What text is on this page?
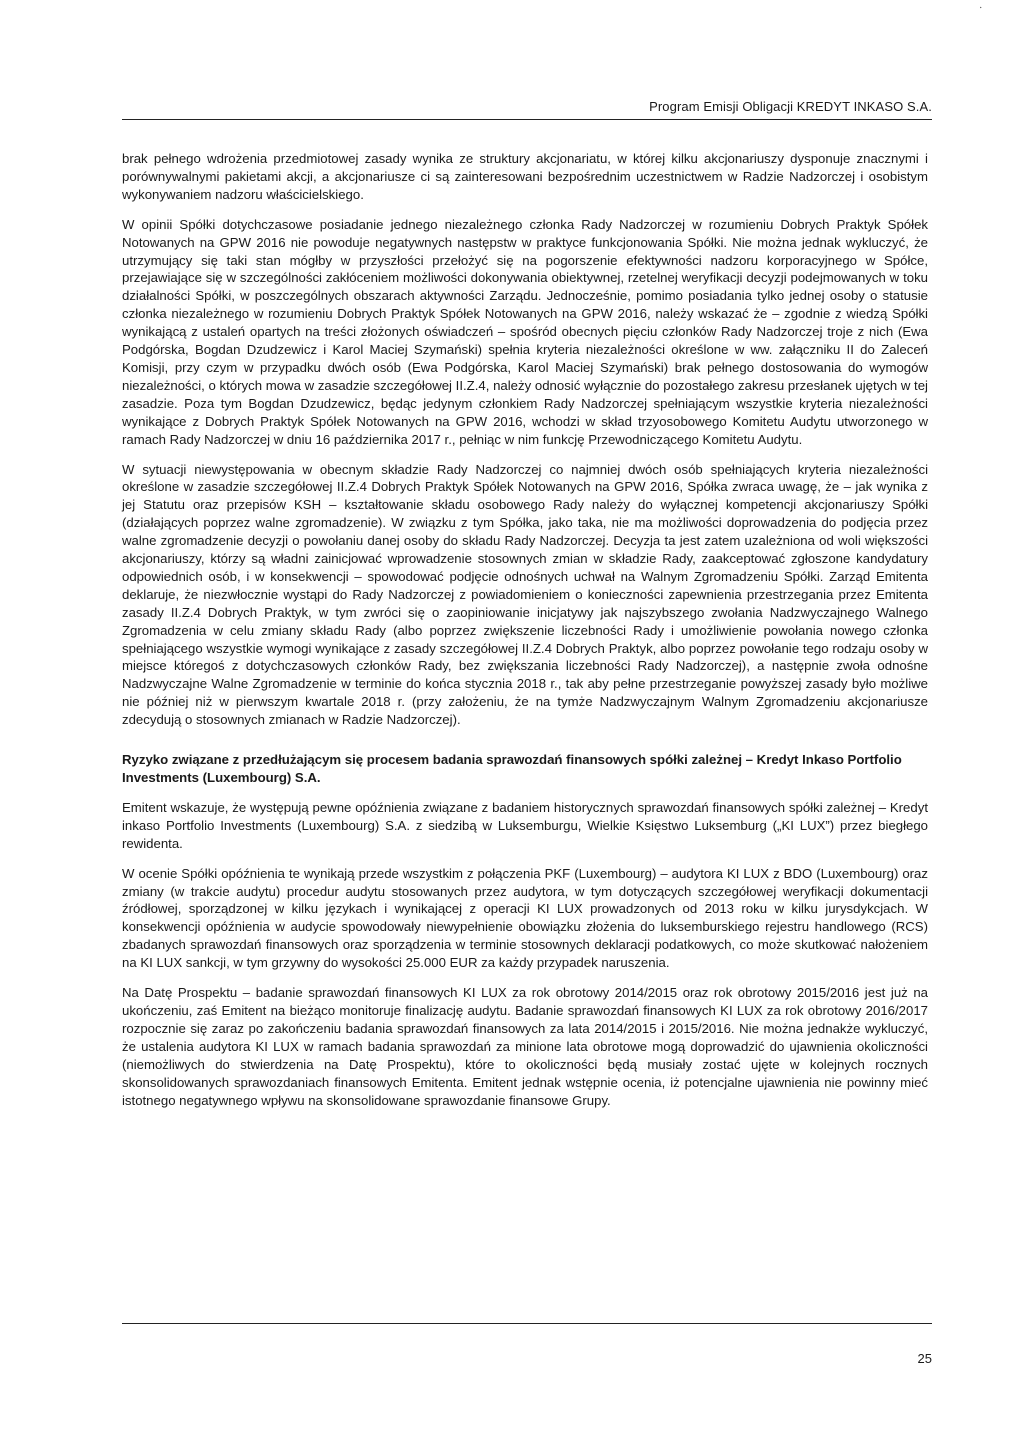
⸱
Program Emisji Obligacji KREDYT INKASO S.A.

brak pełnego wdrożenia przedmiotowej zasady wynika ze struktury akcjonariatu, w której kilku akcjonariuszy dysponuje znacznymi i porównywalnymi pakietami akcji, a akcjonariusze ci są zainteresowani bezpośrednim uczestnictwem w Radzie Nadzorczej i osobistym wykonywaniem nadzoru właścicielskiego.

W opinii Spółki dotychczasowe posiadanie jednego niezależnego członka Rady Nadzorczej w rozumieniu Dobrych Praktyk Spółek Notowanych na GPW 2016 nie powoduje negatywnych następstw w praktyce funkcjonowania Spółki. Nie można jednak wykluczyć, że utrzymujący się taki stan mógłby w przyszłości przełożyć się na pogorszenie efektywności nadzoru korporacyjnego w Spółce, przejawiające się w szczególności zakłóceniem możliwości dokonywania obiektywnej, rzetelnej weryfikacji decyzji podejmowanych w toku działalności Spółki, w poszczególnych obszarach aktywności Zarządu. Jednocześnie, pomimo posiadania tylko jednej osoby o statusie członka niezależnego w rozumieniu Dobrych Praktyk Spółek Notowanych na GPW 2016, należy wskazać że – zgodnie z wiedzą Spółki wynikającą z ustaleń opartych na treści złożonych oświadczeń – spośród obecnych pięciu członków Rady Nadzorczej troje z nich (Ewa Podgórska, Bogdan Dzudzewicz i Karol Maciej Szymański) spełnia kryteria niezależności określone w ww. załączniku II do Zaleceń Komisji, przy czym w przypadku dwóch osób (Ewa Podgórska, Karol Maciej Szymański) brak pełnego dostosowania do wymogów niezależności, o których mowa w zasadzie szczegółowej II.Z.4, należy odnosić wyłącznie do pozostałego zakresu przesłanek ujętych w tej zasadzie. Poza tym Bogdan Dzudzewicz, będąc jedynym członkiem Rady Nadzorczej spełniającym wszystkie kryteria niezależności wynikające z Dobrych Praktyk Spółek Notowanych na GPW 2016, wchodzi w skład trzyosobowego Komitetu Audytu utworzonego w ramach Rady Nadzorczej w dniu 16 października 2017 r., pełniąc w nim funkcję Przewodniczącego Komitetu Audytu.

W sytuacji niewystępowania w obecnym składzie Rady Nadzorczej co najmniej dwóch osób spełniających kryteria niezależności określone w zasadzie szczegółowej II.Z.4 Dobrych Praktyk Spółek Notowanych na GPW 2016, Spółka zwraca uwagę, że – jak wynika z jej Statutu oraz przepisów KSH – kształtowanie składu osobowego Rady należy do wyłącznej kompetencji akcjonariuszy Spółki (działających poprzez walne zgromadzenie). W związku z tym Spółka, jako taka, nie ma możliwości doprowadzenia do podjęcia przez walne zgromadzenie decyzji o powołaniu danej osoby do składu Rady Nadzorczej. Decyzja ta jest zatem uzależniona od woli większości akcjonariuszy, którzy są władni zainicjować wprowadzenie stosownych zmian w składzie Rady, zaakceptować zgłoszone kandydatury odpowiednich osób, i w konsekwencji – spowodować podjęcie odnośnych uchwał na Walnym Zgromadzeniu Spółki. Zarząd Emitenta deklaruje, że niezwłocznie wystąpi do Rady Nadzorczej z powiadomieniem o konieczności zapewnienia przestrzegania przez Emitenta zasady II.Z.4 Dobrych Praktyk, w tym zwróci się o zaopiniowanie inicjatywy jak najszybszego zwołania Nadzwyczajnego Walnego Zgromadzenia w celu zmiany składu Rady (albo poprzez zwiększenie liczebności Rady i umożliwienie powołania nowego członka spełniającego wszystkie wymogi wynikające z zasady szczegółowej II.Z.4 Dobrych Praktyk, albo poprzez powołanie tego rodzaju osoby w miejsce któregoś z dotychczasowych członków Rady, bez zwiększania liczebności Rady Nadzorczej), a następnie zwoła odnośne Nadzwyczajne Walne Zgromadzenie w terminie do końca stycznia 2018 r., tak aby pełne przestrzeganie powyższej zasady było możliwe nie później niż w pierwszym kwartale 2018 r. (przy założeniu, że na tymże Nadzwyczajnym Walnym Zgromadzeniu akcjonariusze zdecydują o stosownych zmianach w Radzie Nadzorczej).

Ryzyko związane z przedłużającym się procesem badania sprawozdań finansowych spółki zależnej – Kredyt Inkaso Portfolio Investments (Luxembourg) S.A.

Emitent wskazuje, że występują pewne opóźnienia związane z badaniem historycznych sprawozdań finansowych spółki zależnej – Kredyt inkaso Portfolio Investments (Luxembourg) S.A. z siedzibą w Luksemburgu, Wielkie Księstwo Luksemburg („KI LUX”) przez biegłego rewidenta.

W ocenie Spółki opóźnienia te wynikają przede wszystkim z połączenia PKF (Luxembourg) – audytora KI LUX z BDO (Luxembourg) oraz zmiany (w trakcie audytu) procedur audytu stosowanych przez audytora, w tym dotyczących szczegółowej weryfikacji dokumentacji źródłowej, sporządzonej w kilku językach i wynikającej z operacji KI LUX prowadzonych od 2013 roku w kilku jurysdykcjach. W konsekwencji opóźnienia w audycie spowodowały niewypełnienie obowiązku złożenia do luksemburskiego rejestru handlowego (RCS) zbadanych sprawozdań finansowych oraz sporządzenia w terminie stosownych deklaracji podatkowych, co może skutkować nałożeniem na KI LUX sankcji, w tym grzywny do wysokości 25.000 EUR za każdy przypadek naruszenia.

Na Datę Prospektu – badanie sprawozdań finansowych KI LUX za rok obrotowy 2014/2015 oraz rok obrotowy 2015/2016 jest już na ukończeniu, zaś Emitent na bieżąco monitoruje finalizację audytu. Badanie sprawozdań finansowych KI LUX za rok obrotowy 2016/2017 rozpocznie się zaraz po zakończeniu badania sprawozdań finansowych za lata 2014/2015 i 2015/2016. Nie można jednakże wykluczyć, że ustalenia audytora KI LUX w ramach badania sprawozdań za minione lata obrotowe mogą doprowadzić do ujawnienia okoliczności (niemożliwych do stwierdzenia na Datę Prospektu), które to okoliczności będą musiały zostać ujęte w kolejnych rocznych skonsolidowanych sprawozdaniach finansowych Emitenta. Emitent jednak wstępnie ocenia, iż potencjalne ujawnienia nie powinny mieć istotnego negatywnego wpływu na skonsolidowane sprawozdanie finansowe Grupy.

25
